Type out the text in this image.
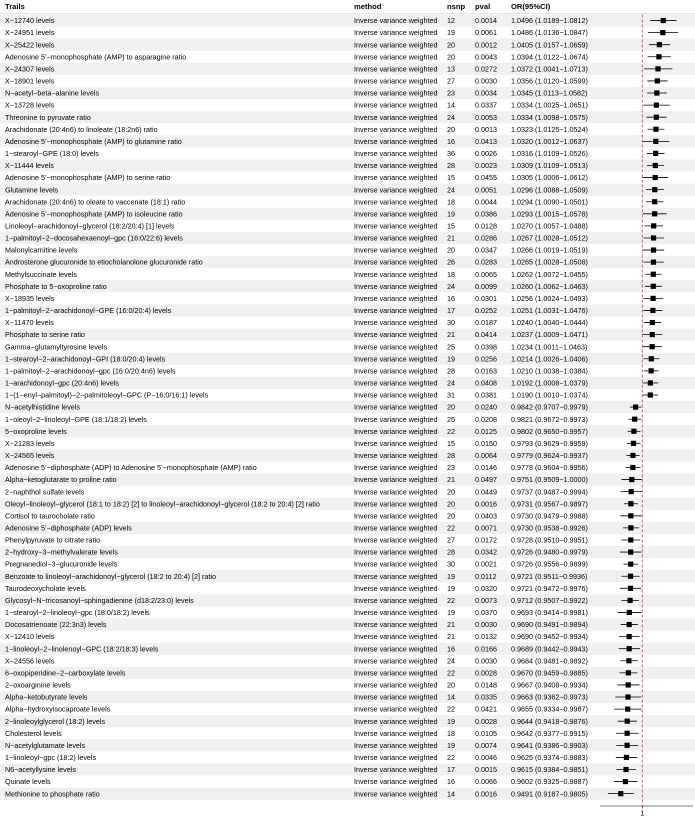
Trails	method	nsnp pval	OR(95%CI)
X−12740 levels	Inverse variance weighted 12	0.0014 1.0496 (1.0189−1.0812)
X−24951 levels	Inverse variance weighted 19	0.0061 1.0486 (1.0136−1.0847)
X−25422 levels	Inverse variance weighted 20	0.0012 1.0405 (1.0157−1.0659)
Adenosine 5’−monophosphate (AMP) to asparagine ratio	Inverse variance weighted 20	0.0043 1.0394 (1.0122−1.0674)
X−24307 levels	Inverse variance weighted 13	0.0272 1.0372 (1.0041−1.0713)
X−18901 levels	Inverse variance weighted 27	0.0030 1.0356 (1.0120−1.0599)
N−acetyl−beta−alanine levels	Inverse variance weighted 23	0.0034 1.0345 (1.0113−1.0582)
X−13728 levels	Inverse variance weighted 14	0.0337 1.0334 (1.0025−1.0651)
Threonine to pyruvate ratio	Inverse variance weighted 24	0.0053 1.0334 (1.0098−1.0575)
Arachidonate (20:4n6) to linoleate (18:2n6) ratio	Inverse variance weighted 20	0.0013 1.0323 (1.0125−1.0524)
Adenosine 5’−monophosphate (AMP) to glutamine ratio	Inverse variance weighted 16	0.0413 1.0320 (1.0012−1.0637)
1−stearoyl−GPE (18:0) levels	Inverse variance weighted 36	0.0026 1.0316 (1.0109−1.0526)
X−11444 levels	Inverse variance weighted 28	0.0023 1.0309 (1.0109−1.0513)
Adenosine 5’−monophosphate (AMP) to serine ratio	Inverse variance weighted 15	0.0455 1.0305 (1.0006−1.0612)
Glutamine levels	Inverse variance weighted 24	0.0051 1.0296 (1.0088−1.0509)
Arachidonate (20:4n6) to oleate to vaccenate (18:1) ratio	Inverse variance weighted 18	0.0044 1.0294 (1.0090−1.0501)
Adenosine 5’−monophosphate (AMP) to isoleucine ratio	Inverse variance weighted 19	0.0386 1.0293 (1.0015−1.0578)
Linoleoyl−arachidonoyl−glycerol (18:2/20:4) [1] levels	Inverse variance weighted 15	0.0128 1.0270 (1.0057−1.0488)
1−palmitoyl−2−docosahexaenoyl−gpc (16:0/22:6) levels	Inverse variance weighted 21	0.0286 1.0267 (1.0028−1.0512)
Malonylcarnitine levels	Inverse variance weighted 20	0.0347 1.0266 (1.0019−1.0519)
Androsterone glucuronide to etiocholanolone glucuronide ratio	Inverse variance weighted 26	0.0283 1.0265 (1.0028−1.0508)
Methylsuccinate levels	Inverse variance weighted 18	0.0065 1.0262 (1.0072−1.0455)
Phosphate to 5−oxoproline ratio	Inverse variance weighted 24	0.0099 1.0260 (1.0062−1.0463)
X−18935 levels	Inverse variance weighted 16	0.0301 1.0256 (1.0024−1.0493)
1−palmitoyl−2−arachidonoyl−GPE (16:0/20:4) levels	Inverse variance weighted 17	0.0252 1.0251 (1.0031−1.0476)
X−11470 levels	Inverse variance weighted 30	0.0187 1.0240 (1.0040−1.0444)
Phosphate to serine ratio	Inverse variance weighted 21	0.0414 1.0237 (1.0009−1.0471)
Gamma−glutamyltyrosine levels	Inverse variance weighted 25	0.0398 1.0234 (1.0011−1.0463)
1−stearoyl−2−arachidonoyl−GPI (18:0/20:4) levels	Inverse variance weighted 19	0.0256 1.0214 (1.0026−1.0406)
1−palmitoyl−2−arachidonoyl−gpc (16:0/20:4n6) levels	Inverse variance weighted 28	0.0163 1.0210 (1.0038−1.0384)
1−arachidonoyl−gpc (20:4n6) levels	Inverse variance weighted 24	0.0408 1.0192 (1.0008−1.0379)
1−(1−enyl−palmitoyl)−2−palmitoleoyl−GPC (P−16:0/16:1) levels	Inverse variance weighted 31	0.0381 1.0190 (1.0010−1.0374)
N−acetylhistidine levels	Inverse variance weighted 20	0.0240 0.9842 (0.9707−0.9979)
1−oleoyl−2−linoleoyl−GPE (18:1/18:2) levels	Inverse variance weighted 25	0.0208 0.9821 (0.9672−0.9973)
5−oxoproline levels	Inverse variance weighted 22	0.0125 0.9802 (0.9650−0.9957)
X−21283 levels	Inverse variance weighted 15	0.0150 0.9793 (0.9629−0.9959)
X−24565 levels	Inverse variance weighted 28	0.0064 0.9779 (0.9624−0.9937)
Adenosine 5’−diphosphate (ADP) to Adenosine 5’−monophosphate (AMP) ratio	Inverse variance weighted 23	0.0146 0.9778 (0.9604−0.9956)
Alpha−ketoglutarate to proline ratio	Inverse variance weighted 21	0.0497 0.9751 (0.9509−1.0000)
2−naphthol sulfate levels	Inverse variance weighted 20	0.0449 0.9737 (0.9487−0.9994)
Oleoyl−linoleoyl−glycerol (18:1 to 18:2) [2] to linoleoyl−arachidonoyl−glycerol (18:2 to 20:4) [2] ratio	Inverse variance weighted 20	0.0016 0.9731 (0.9567−0.9897)
Cortisol to taurocholate ratio	Inverse variance weighted 20	0.0403 0.9730 (0.9479−0.9988)
Adenosine 5’−diphosphate (ADP) levels	Inverse variance weighted 22	0.0071 0.9730 (0.9538−0.9926)
Phenylpyruvate to citrate ratio	Inverse variance weighted 27	0.0172 0.9728 (0.9510−0.9951)
2−hydroxy−3−methylvalerate levels	Inverse variance weighted 28	0.0342 0.9726 (0.9480−0.9979)
Pregnanediol−3−glucuronide levels	Inverse variance weighted 30	0.0021 0.9726 (0.9556−0.9899)
Benzoate to linoleoyl−arachidonoyl−glycerol (18:2 to 20:4) [2] ratio	Inverse variance weighted 19	0.0112 0.9721 (0.9511−0.9936)
Taurodeoxycholate levels	Inverse variance weighted 19	0.0320 0.9721 (0.9472−0.9976)
Glycosyl−N−tricosanoyl−sphingadienine (d18:2/23:0) levels	Inverse variance weighted 22	0.0073 0.9712 (0.9507−0.9922)
1−stearoyl−2−linoleoyl−gpc (18:0/18:2) levels	Inverse variance weighted 19	0.0370 0.9693 (0.9414−0.9981)
Docosatrienoate (22:3n3) levels	Inverse variance weighted 21	0.0030 0.9690 (0.9491−0.9894)
X−12410 levels	Inverse variance weighted 21	0.0132 0.9690 (0.9452−0.9934)
1−linoleoyl−2−linolenoyl−GPC (18:2/18:3) levels	Inverse variance weighted 16	0.0166 0.9689 (0.9442−0.9943)
X−24556 levels	Inverse variance weighted 24	0.0030 0.9684 (0.9481−0.9892)
6−oxopiperidine−2−carboxylate levels	Inverse variance weighted 22	0.0028 0.9670 (0.9459−0.9885)
2−oxoarginine levels	Inverse variance weighted 20	0.0148 0.9667 (0.9408−0.9934)
Alpha−ketobutyrate levels	Inverse variance weighted 14	0.0335 0.9663 (0.9362−0.9973)
Alpha−hydroxyisocaproate levels	Inverse variance weighted 22	0.0421 0.9655 (0.9334−0.9987)
2−linoleoylglycerol (18:2) levels	Inverse variance weighted 19	0.0028 0.9644 (0.9418−0.9876)
Cholesterol levels	Inverse variance weighted 18	0.0105 0.9642 (0.9377−0.9915)
N−acetylglutamate levels	Inverse variance weighted 19	0.0074 0.9641 (0.9386−0.9903)
1−linoleoyl−gpc (18:2) levels	Inverse variance weighted 22	0.0046 0.9625 (0.9374−0.9883)
N6−acetyllysine levels	Inverse variance weighted 17	0.0015 0.9615 (0.9384−0.9851)
Quinate levels	Inverse variance weighted 16	0.0066 0.9602 (0.9325−0.9887)
Methionine to phosphate ratio	Inverse variance weighted 14	0.0016 0.9491 (0.9187−0.9805)
1
